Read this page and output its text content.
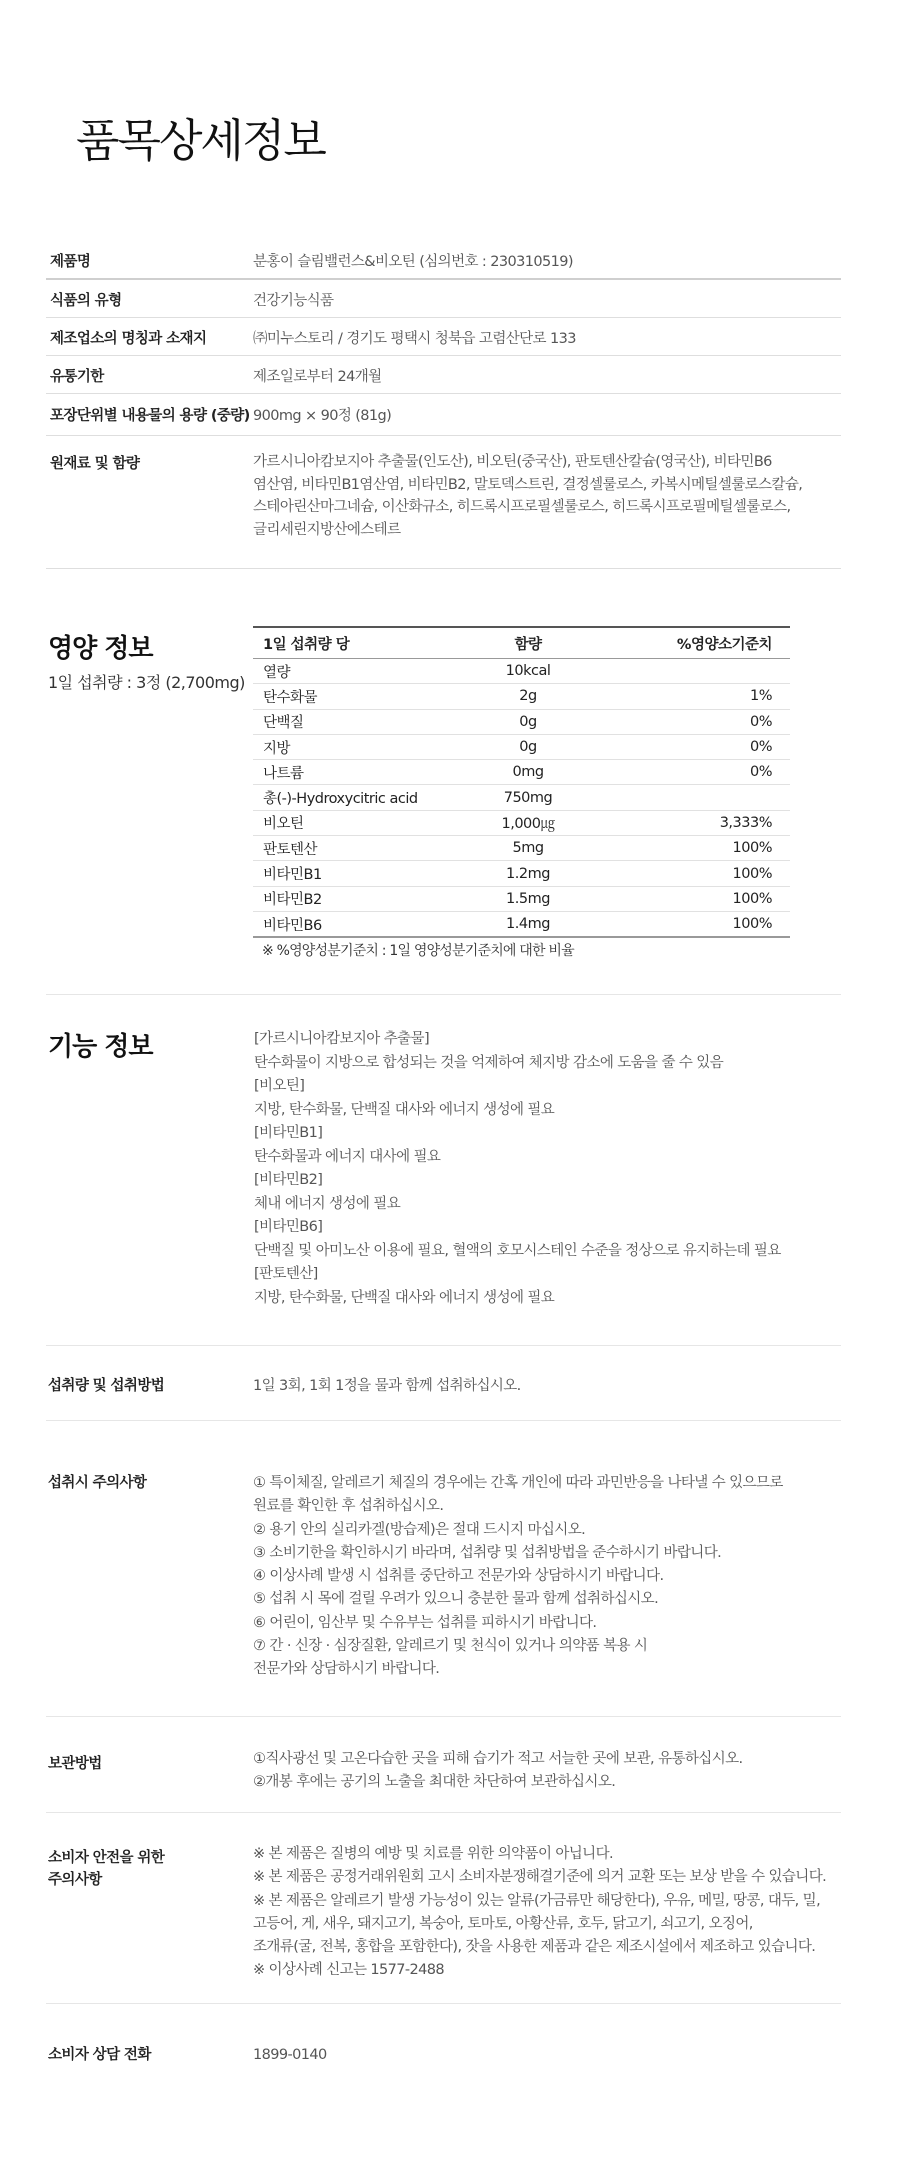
품목상세정보
제품명	분홍이 슬림밸런스&비오틴 (심의번호 : 230310519)
식품의 유형	건강기능식품
제조업소의 명칭과 소재지	㈜미누스토리 / 경기도 평택시 청북읍 고렴산단로 133
유통기한	제조일로부터 24개월
포장단위별 내용물의 용량 (중량) 900mg × 90정 (81g)
원재료 및 함량	가르시니아캄보지아 추출물(인도산), 비오틴(중국산), 판토텐산칼슘(영국산), 비타민B6
염산염, 비타민B1염산염, 비타민B2, 말토덱스트린, 결정셀룰로스, 카복시메틸셀룰로스칼슘,
스테아린산마그네슘, 이산화규소, 히드록시프로필셀룰로스, 히드록시프로필메틸셀룰로스,
글리세린지방산에스테르
영양 정보
1일 섭취량 : 3정 (2,700mg)
1일 섭취량 당	함량	%영양소기준치
열량	10kcal	
탄수화물	2g	1%
단백질	0g	0%
지방	0g	0%
나트륨	0mg	0%
총(-)-Hydroxycitric acid	750mg	
비오틴	1,000㎍	3,333%
판토텐산	5mg	100%
비타민B1	1.2mg	100%
비타민B2	1.5mg	100%
비타민B6	1.4mg	100%
※ %영양성분기준치 : 1일 영양성분기준치에 대한 비율
기능 정보	[가르시니아캄보지아 추출물]
탄수화물이 지방으로 합성되는 것을 억제하여 체지방 감소에 도움을 줄 수 있음
[비오틴]
지방, 탄수화물, 단백질 대사와 에너지 생성에 필요
[비타민B1]
탄수화물과 에너지 대사에 필요
[비타민B2]
체내 에너지 생성에 필요
[비타민B6]
단백질 및 아미노산 이용에 필요, 혈액의 호모시스테인 수준을 정상으로 유지하는데 필요
[판토텐산]
지방, 탄수화물, 단백질 대사와 에너지 생성에 필요
섭취량 및 섭취방법	1일 3회, 1회 1정을 물과 함께 섭취하십시오.
섭취시 주의사항	① 특이체질, 알레르기 체질의 경우에는 간혹 개인에 따라 과민반응을 나타낼 수 있으므로
원료를 확인한 후 섭취하십시오.
② 용기 안의 실리카겔(방습제)은 절대 드시지 마십시오.
③ 소비기한을 확인하시기 바라며, 섭취량 및 섭취방법을 준수하시기 바랍니다.
④ 이상사례 발생 시 섭취를 중단하고 전문가와 상담하시기 바랍니다.
⑤ 섭취 시 목에 걸릴 우려가 있으니 충분한 물과 함께 섭취하십시오.
⑥ 어린이, 임산부 및 수유부는 섭취를 피하시기 바랍니다.
⑦ 간 · 신장 · 심장질환, 알레르기 및 천식이 있거나 의약품 복용 시
전문가와 상담하시기 바랍니다.
보관방법	①직사광선 및 고온다습한 곳을 피해 습기가 적고 서늘한 곳에 보관, 유통하십시오.
②개봉 후에는 공기의 노출을 최대한 차단하여 보관하십시오.
소비자 안전을 위한
주의사항
※ 본 제품은 질병의 예방 및 치료를 위한 의약품이 아닙니다.
※ 본 제품은 공정거래위원회 고시 소비자분쟁해결기준에 의거 교환 또는 보상 받을 수 있습니다.
※ 본 제품은 알레르기 발생 가능성이 있는 알류(가금류만 해당한다), 우유, 메밀, 땅콩, 대두, 밀,
고등어, 게, 새우, 돼지고기, 복숭아, 토마토, 아황산류, 호두, 닭고기, 쇠고기, 오징어,
조개류(굴, 전복, 홍합을 포함한다), 잣을 사용한 제품과 같은 제조시설에서 제조하고 있습니다.
※ 이상사례 신고는 1577-2488
소비자 상담 전화	1899-0140
